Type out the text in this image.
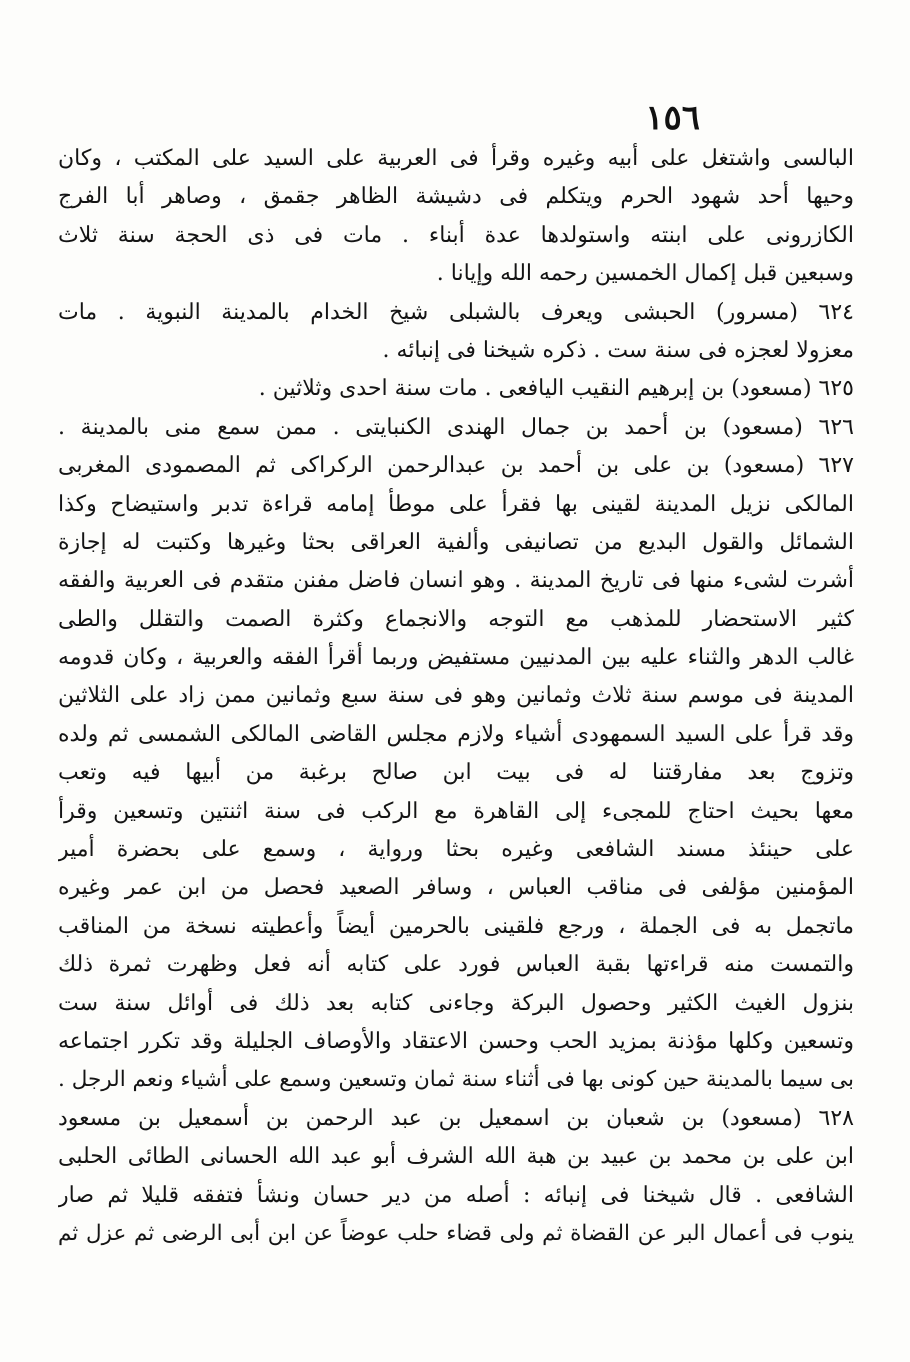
١٥٦
البالسى واشتغل على أبيه وغيره وقرأ فى العربية على السيد على المكتب ، وكان
وحيها أحد شهود الحرم ويتكلم فى دشيشة الظاهر جقمق ، وصاهر أبا الفرج
الكازرونى على ابنته واستولدها عدة أبناء . مات فى ذى الحجة سنة ثلاث
وسبعين قبل إكمال الخمسين رحمه الله وإيانا .
٦٢٤ (مسرور) الحبشى ويعرف بالشبلى شيخ الخدام بالمدينة النبوية . مات
معزولا لعجزه فى سنة ست . ذكره شيخنا فى إنبائه .
٦٢٥ (مسعود) بن إبرهيم النقيب اليافعى . مات سنة احدى وثلاثين .
٦٢٦ (مسعود) بن أحمد بن جمال الهندى الكنبايتى . ممن سمع منى بالمدينة .
٦٢٧ (مسعود) بن على بن أحمد بن عبدالرحمن الركراكى ثم المصمودى المغربى
المالكى نزيل المدينة لقينى بها فقرأ على موطأ إمامه قراءة تدبر واستيضاح وكذا
الشمائل والقول البديع من تصانيفى وألفية العراقى بحثا وغيرها وكتبت له إجازة
أشرت لشىء منها فى تاريخ المدينة . وهو انسان فاضل مفنن متقدم فى العربية والفقه
كثير الاستحضار للمذهب مع التوجه والانجماع وكثرة الصمت والتقلل والطى
غالب الدهر والثناء عليه بين المدنيين مستفيض وربما أقرأ الفقه والعربية ، وكان قدومه
المدينة فى موسم سنة ثلاث وثمانين وهو فى سنة سبع وثمانين ممن زاد على الثلاثين
وقد قرأ على السيد السمهودى أشياء ولازم مجلس القاضى المالكى الشمسى ثم ولده
وتزوج بعد مفارقتنا له فى بيت ابن صالح برغبة من أبيها فيه وتعب
معها بحيث احتاج للمجىء إلى القاهرة مع الركب فى سنة اثنتين وتسعين وقرأ
على حينئذ مسند الشافعى وغيره بحثا ورواية ، وسمع على بحضرة أمير
المؤمنين مؤلفى فى مناقب العباس ، وسافر الصعيد فحصل من ابن عمر وغيره
ماتجمل به فى الجملة ، ورجع فلقينى بالحرمين أيضاً وأعطيته نسخة من المناقب
والتمست منه قراءتها بقبة العباس فورد على كتابه أنه فعل وظهرت ثمرة ذلك
بنزول الغيث الكثير وحصول البركة وجاءنى كتابه بعد ذلك فى أوائل سنة ست
وتسعين وكلها مؤذنة بمزيد الحب وحسن الاعتقاد والأوصاف الجليلة وقد تكرر اجتماعه
بى سيما بالمدينة حين كونى بها فى أثناء سنة ثمان وتسعين وسمع على أشياء ونعم الرجل .
٦٢٨ (مسعود) بن شعبان بن اسمعيل بن عبد الرحمن بن أسمعيل بن مسعود
ابن على بن محمد بن عبيد بن هبة الله الشرف أبو عبد الله الحسانى الطائى الحلبى
الشافعى . قال شيخنا فى إنبائه : أصله من دير حسان ونشأ فتفقه قليلا ثم صار
ينوب فى أعمال البر عن القضاة ثم ولى قضاء حلب عوضاً عن ابن أبى الرضى ثم عزل ثم
